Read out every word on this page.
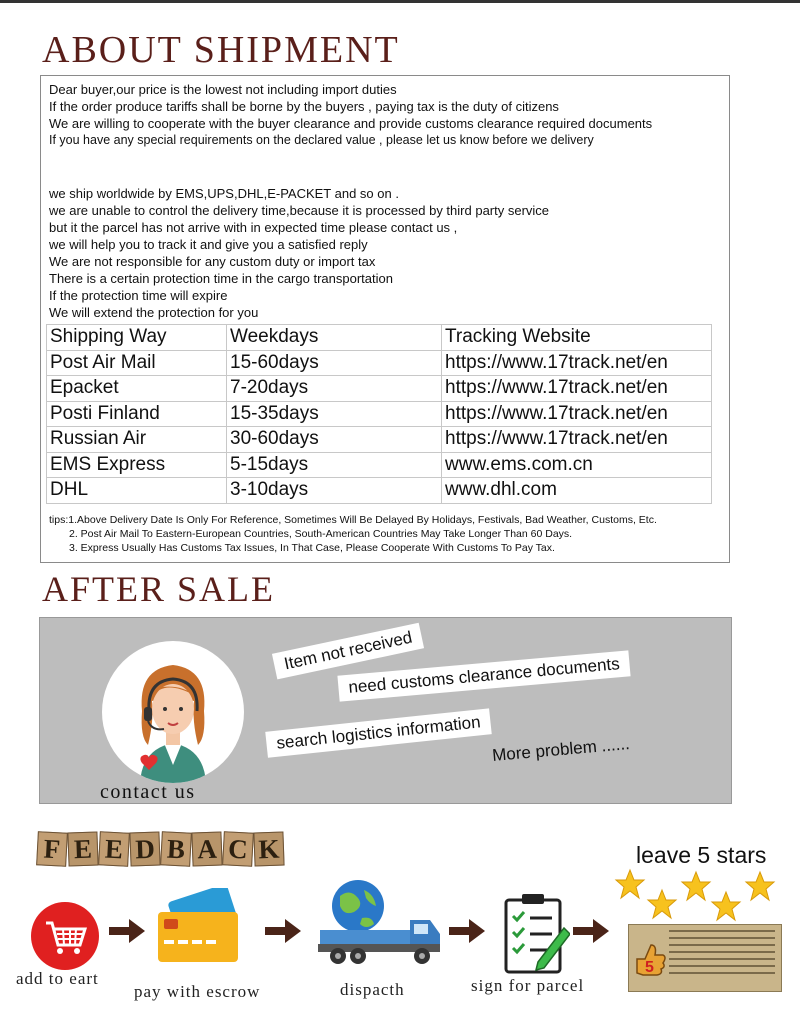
ABOUT SHIPMENT
Dear buyer,our price is the lowest not including import duties
If the order produce tariffs shall be borne by the buyers , paying tax is the duty of citizens
We are willing to cooperate with the buyer clearance and provide customs clearance required documents
If you have any special requirements on the declared value , please let us know before we delivery
we ship worldwide by EMS,UPS,DHL,E-PACKET and so on .
we are unable to control the delivery time,because it is processed by third party service
but it the parcel has not arrive with in expected time please contact us ,
we will help you to track it and give you a satisfied reply
We are not responsible for any custom duty or import tax
There is a certain protection time in the cargo transportation
If the protection time will expire
We will extend the protection for you
Shipping Way	Weekdays	Tracking Website
Post Air Mail	15-60days	https://www.17track.net/en
Epacket	7-20days	https://www.17track.net/en
Posti Finland	15-35days	https://www.17track.net/en
Russian Air	30-60days	https://www.17track.net/en
EMS Express	5-15days	www.ems.com.cn
DHL	3-10days	www.dhl.com
tips:1.Above Delivery Date Is Only For Reference, Sometimes Will Be Delayed By Holidays, Festivals, Bad Weather, Customs, Etc.
2. Post Air Mail To Eastern-European Countries, South-American Countries May Take Longer Than 60 Days.
3. Express Usually Has Customs Tax Issues, In That Case, Please Cooperate With Customs To Pay Tax.
AFTER SALE
contact us
Item not received
need customs clearance documents
search logistics information More problem ......
F E E D B A C K
add to eart
pay with escrow	dispacth	sign for parcel
leave 5 stars
5
